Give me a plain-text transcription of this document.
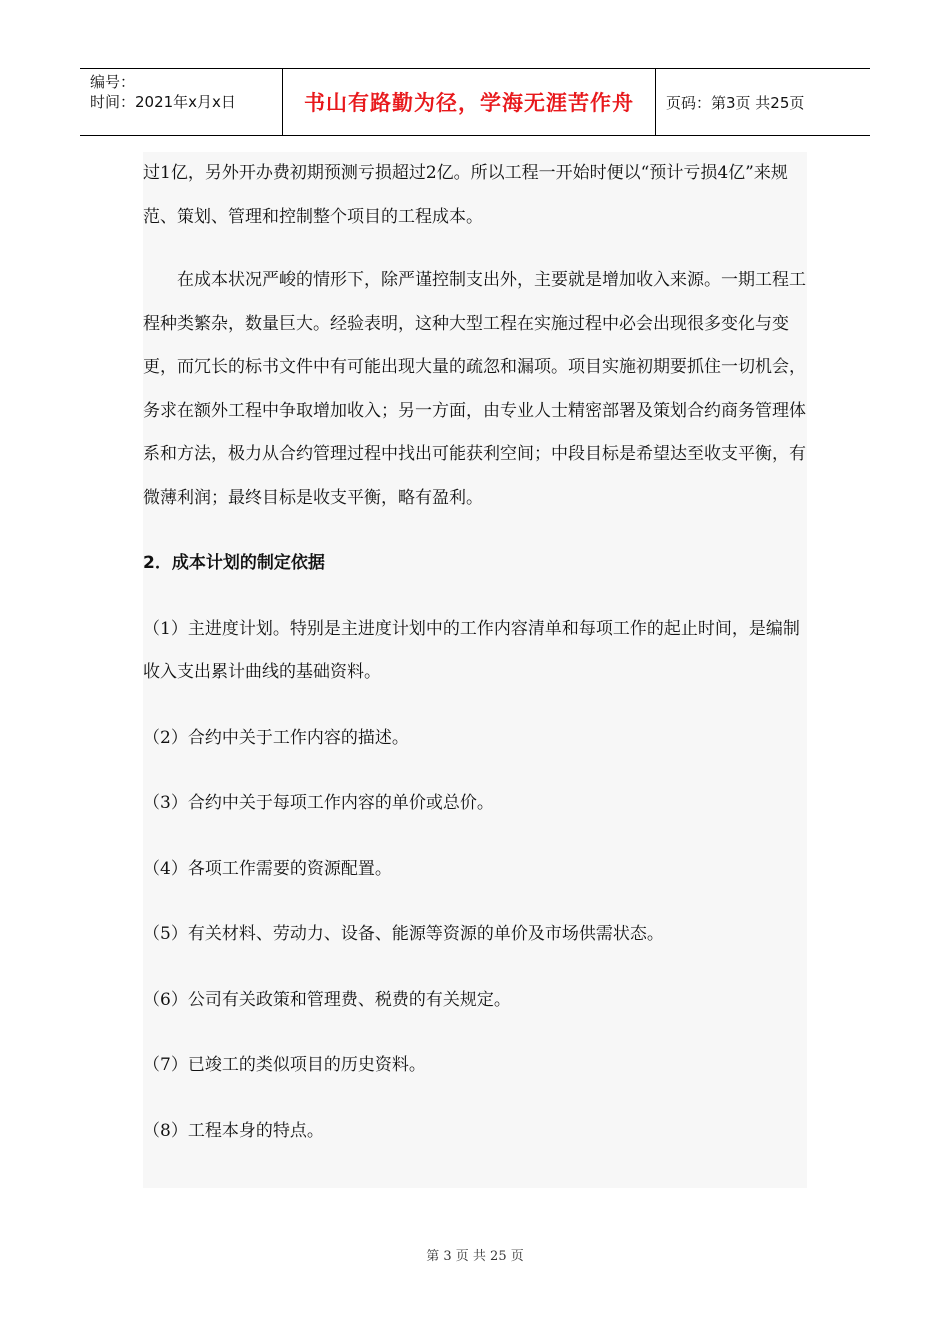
编号：
时间：2021年x月x日	书山有路勤为径，学海无涯苦作舟	页码：第3页 共25页

过1亿，另外开办费初期预测亏损超过2亿。所以工程一开始时便以“预计亏损4亿”来规范、策划、管理和控制整个项目的工程成本。

在成本状况严峻的情形下，除严谨控制支出外，主要就是增加收入来源。一期工程工程种类繁杂，数量巨大。经验表明，这种大型工程在实施过程中必会出现很多变化与变更，而冗长的标书文件中有可能出现大量的疏忽和漏项。项目实施初期要抓住一切机会，务求在额外工程中争取增加收入；另一方面，由专业人士精密部署及策划合约商务管理体系和方法，极力从合约管理过程中找出可能获利空间；中段目标是希望达至收支平衡，有微薄利润；最终目标是收支平衡，略有盈利。

2．成本计划的制定依据

（1）主进度计划。特别是主进度计划中的工作内容清单和每项工作的起止时间，是编制收入支出累计曲线的基础资料。

（2）合约中关于工作内容的描述。

（3）合约中关于每项工作内容的单价或总价。

（4）各项工作需要的资源配置。

（5）有关材料、劳动力、设备、能源等资源的单价及市场供需状态。

（6）公司有关政策和管理费、税费的有关规定。

（7）已竣工的类似项目的历史资料。

（8）工程本身的特点。

第 3 页 共 25 页
